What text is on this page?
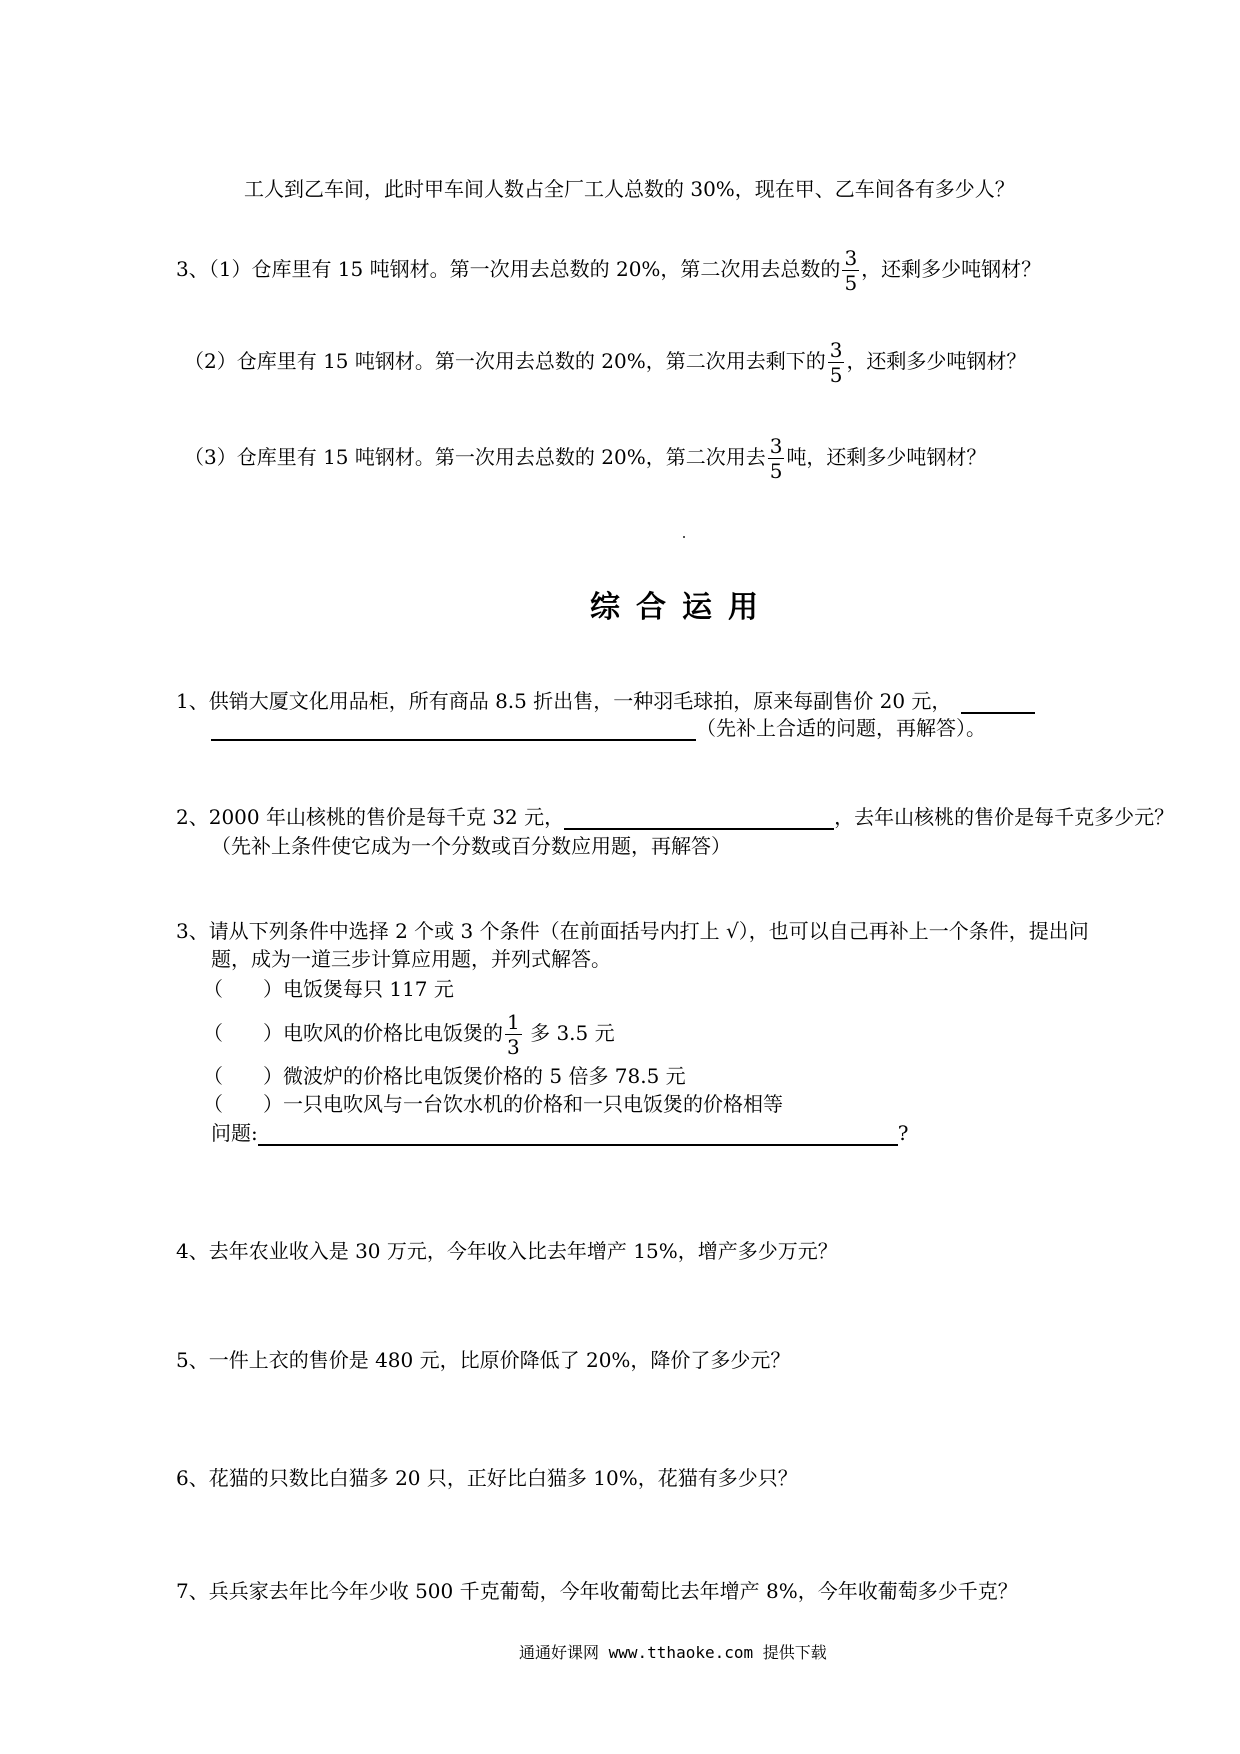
工人到乙车间，此时甲车间人数占全厂工人总数的 30%，现在甲、乙车间各有多少人？
3、（1）仓库里有 15 吨钢材。第一次用去总数的 20%，第二次用去总数的 $\frac{3}{5}$ ，还剩多少吨钢材？
（2）仓库里有 15 吨钢材。第一次用去总数的 20%，第二次用去剩下的 $\frac{3}{5}$ ，还剩多少吨钢材？
（3）仓库里有 15 吨钢材。第一次用去总数的 20%，第二次用去 $\frac{3}{5}$ 吨，还剩多少吨钢材？
综合运用
1、供销大厦文化用品柜，所有商品 8.5 折出售，一种羽毛球拍，原来每副售价 20 元，
（先补上合适的问题，再解答）。
2、2000 年山核桃的售价是每千克 32 元，	，去年山核桃的售价是每千克多少元？
（先补上条件使它成为一个分数或百分数应用题，再解答）
3、请从下列条件中选择 2 个或 3 个条件（在前面括号内打上 √），也可以自己再补上一个条件，提出问
题，成为一道三步计算应用题，并列式解答。
（　　）电饭煲每只 117 元
（　　）电吹风的价格比电饭煲的 $\frac{1}{3}$ 多 3.5 元
（　　）微波炉的价格比电饭煲价格的 5 倍多 78.5 元
（　　）一只电吹风与一台饮水机的价格和一只电饭煲的价格相等
问题:	?
4、去年农业收入是 30 万元，今年收入比去年增产 15%，增产多少万元？
5、一件上衣的售价是 480 元，比原价降低了 20%，降价了多少元？
6、花猫的只数比白猫多 20 只，正好比白猫多 10%，花猫有多少只？
7、兵兵家去年比今年少收 500 千克葡萄，今年收葡萄比去年增产 8%，今年收葡萄多少千克？
通通好课网 www.tthaoke.com 提供下载
